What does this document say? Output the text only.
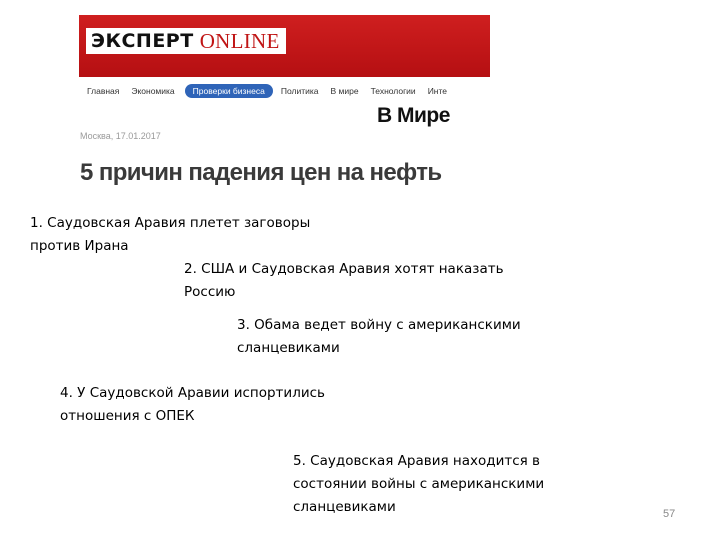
ЭКСПЕРТ ONLINE
Главная	Экономика	Проверки бизнеса	Политика	В мире	Технологии	Инте
В Мире
Москва, 17.01.2017
5 причин падения цен на нефть

1. Саудовская Аравия плетет заговоры
против Ирана

2. США и Саудовская Аравия хотят наказать
Россию

3. Обама ведет войну с американскими
сланцевиками

4. У Саудовской Аравии испортились
отношения с ОПЕК

5. Саудовская Аравия находится в
состоянии войны с американскими
сланцевиками	57
